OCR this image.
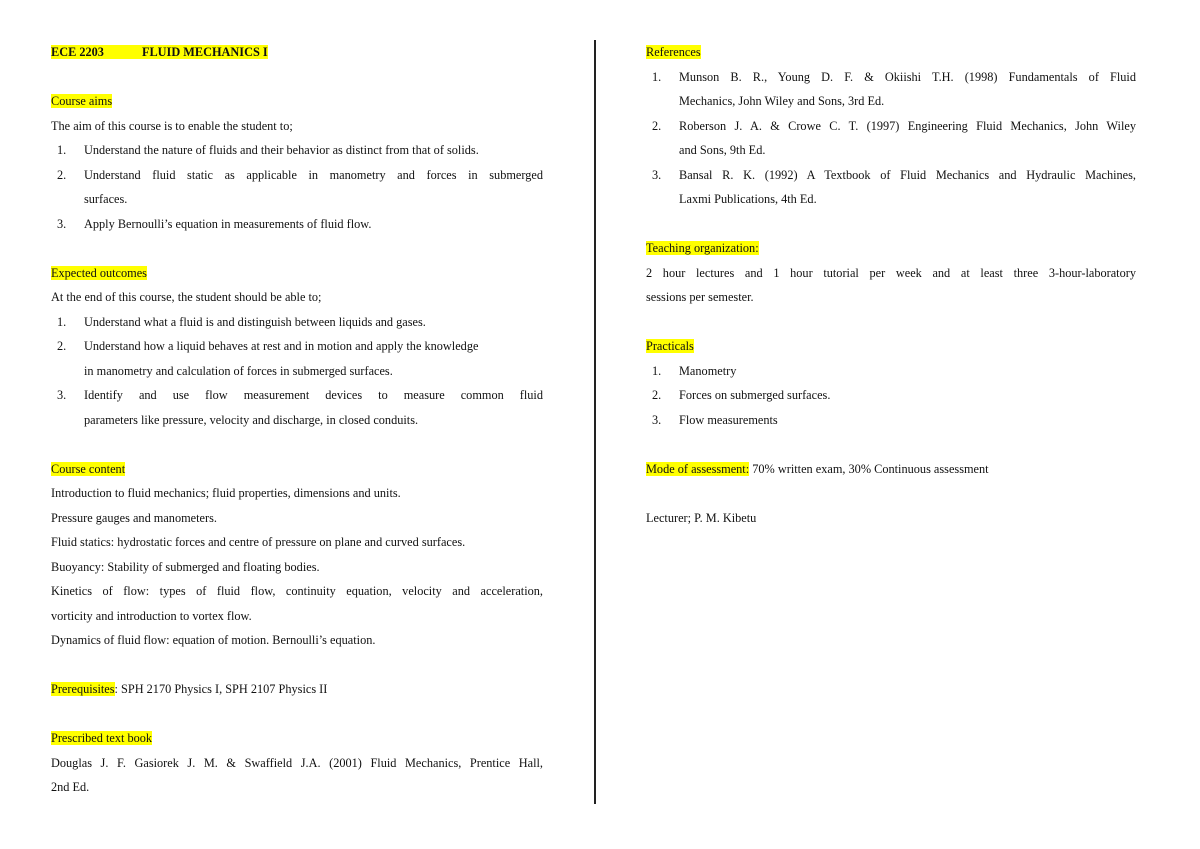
ECE 2203	FLUID MECHANICS I
Course aims
The aim of this course is to enable the student to;
1. Understand the nature of fluids and their behavior as distinct from that of solids.
2. Understand fluid static as applicable in manometry and forces in submerged
surfaces.
3. Apply Bernoulli’s equation in measurements of fluid flow.
Expected outcomes
At the end of this course, the student should be able to;
1. Understand what a fluid is and distinguish between liquids and gases.
2. Understand how a liquid behaves at rest and in motion and apply the knowledge
in manometry and calculation of forces in submerged surfaces.
3. Identify and use flow measurement devices to measure common fluid
parameters like pressure, velocity and discharge, in closed conduits.
Course content
Introduction to fluid mechanics; fluid properties, dimensions and units.
Pressure gauges and manometers.
Fluid statics: hydrostatic forces and centre of pressure on plane and curved surfaces.
Buoyancy: Stability of submerged and floating bodies.
Kinetics of flow: types of fluid flow, continuity equation, velocity and acceleration,
vorticity and introduction to vortex flow.
Dynamics of fluid flow: equation of motion. Bernoulli’s equation.
Prerequisites: SPH 2170 Physics I, SPH 2107 Physics II
Prescribed text book
Douglas J. F. Gasiorek J. M. & Swaffield J.A. (2001) Fluid Mechanics, Prentice Hall,
2nd Ed.
References
1. Munson B. R., Young D. F. & Okiishi T.H. (1998) Fundamentals of Fluid
Mechanics, John Wiley and Sons, 3rd Ed.
2. Roberson J. A. & Crowe C. T. (1997) Engineering Fluid Mechanics, John Wiley
and Sons, 9th Ed.
3. Bansal R. K. (1992) A Textbook of Fluid Mechanics and Hydraulic Machines,
Laxmi Publications, 4th Ed.
Teaching organization:
2 hour lectures and 1 hour tutorial per week and at least three 3-hour-laboratory
sessions per semester.
Practicals
1. Manometry
2. Forces on submerged surfaces.
3. Flow measurements
Mode of assessment: 70% written exam, 30% Continuous assessment
Lecturer; P. M. Kibetu
